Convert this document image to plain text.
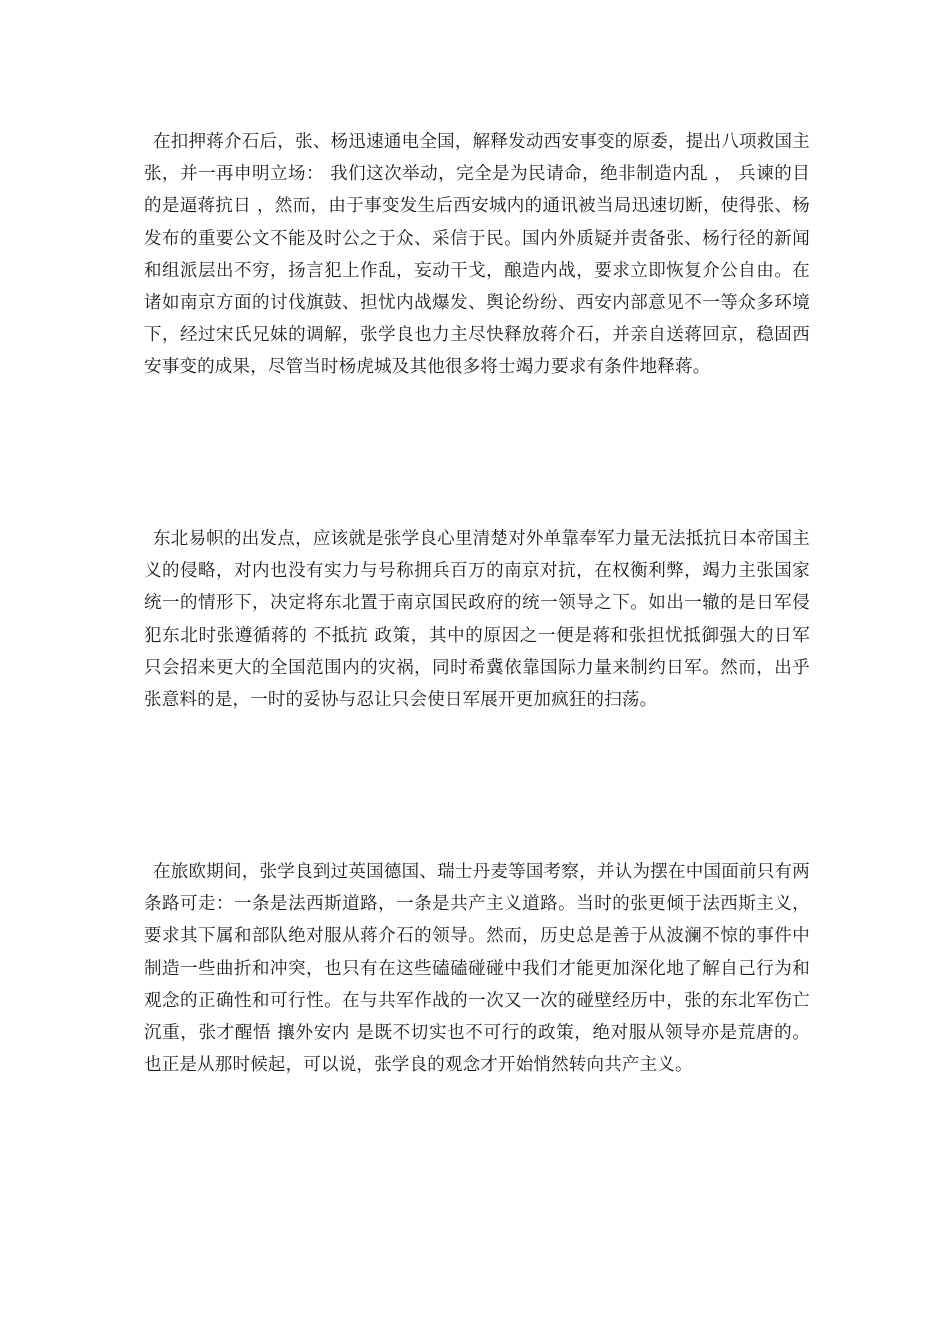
在扣押蒋介石后，张、杨迅速通电全国，解释发动西安事变的原委，提出八项救国主张，并一再申明立场： 我们这次举动，完全是为民请命，绝非制造内乱 ， 兵谏的目的是逼蒋抗日 ，然而，由于事变发生后西安城内的通讯被当局迅速切断，使得张、杨发布的重要公文不能及时公之于众、采信于民。国内外质疑并责备张、杨行径的新闻和组派层出不穷，扬言犯上作乱，妄动干戈，酿造内战，要求立即恢复介公自由。在诸如南京方面的讨伐旗鼓、担忧内战爆发、舆论纷纷、西安内部意见不一等众多环境下，经过宋氏兄妹的调解，张学良也力主尽快释放蒋介石，并亲自送蒋回京，稳固西安事变的成果，尽管当时杨虎城及其他很多将士竭力要求有条件地释蒋。

东北易帜的出发点，应该就是张学良心里清楚对外单靠奉军力量无法抵抗日本帝国主义的侵略，对内也没有实力与号称拥兵百万的南京对抗，在权衡利弊，竭力主张国家统一的情形下，决定将东北置于南京国民政府的统一领导之下。如出一辙的是日军侵犯东北时张遵循蒋的 不抵抗 政策，其中的原因之一便是蒋和张担忧抵御强大的日军只会招来更大的全国范围内的灾祸，同时希冀依靠国际力量来制约日军。然而，出乎张意料的是，一时的妥协与忍让只会使日军展开更加疯狂的扫荡。

在旅欧期间，张学良到过英国德国、瑞士丹麦等国考察，并认为摆在中国面前只有两条路可走：一条是法西斯道路，一条是共产主义道路。当时的张更倾于法西斯主义，要求其下属和部队绝对服从蒋介石的领导。然而，历史总是善于从波澜不惊的事件中制造一些曲折和冲突，也只有在这些磕磕碰碰中我们才能更加深化地了解自己行为和观念的正确性和可行性。在与共军作战的一次又一次的碰壁经历中，张的东北军伤亡沉重，张才醒悟 攘外安内 是既不切实也不可行的政策，绝对服从领导亦是荒唐的。也正是从那时候起，可以说，张学良的观念才开始悄然转向共产主义。
